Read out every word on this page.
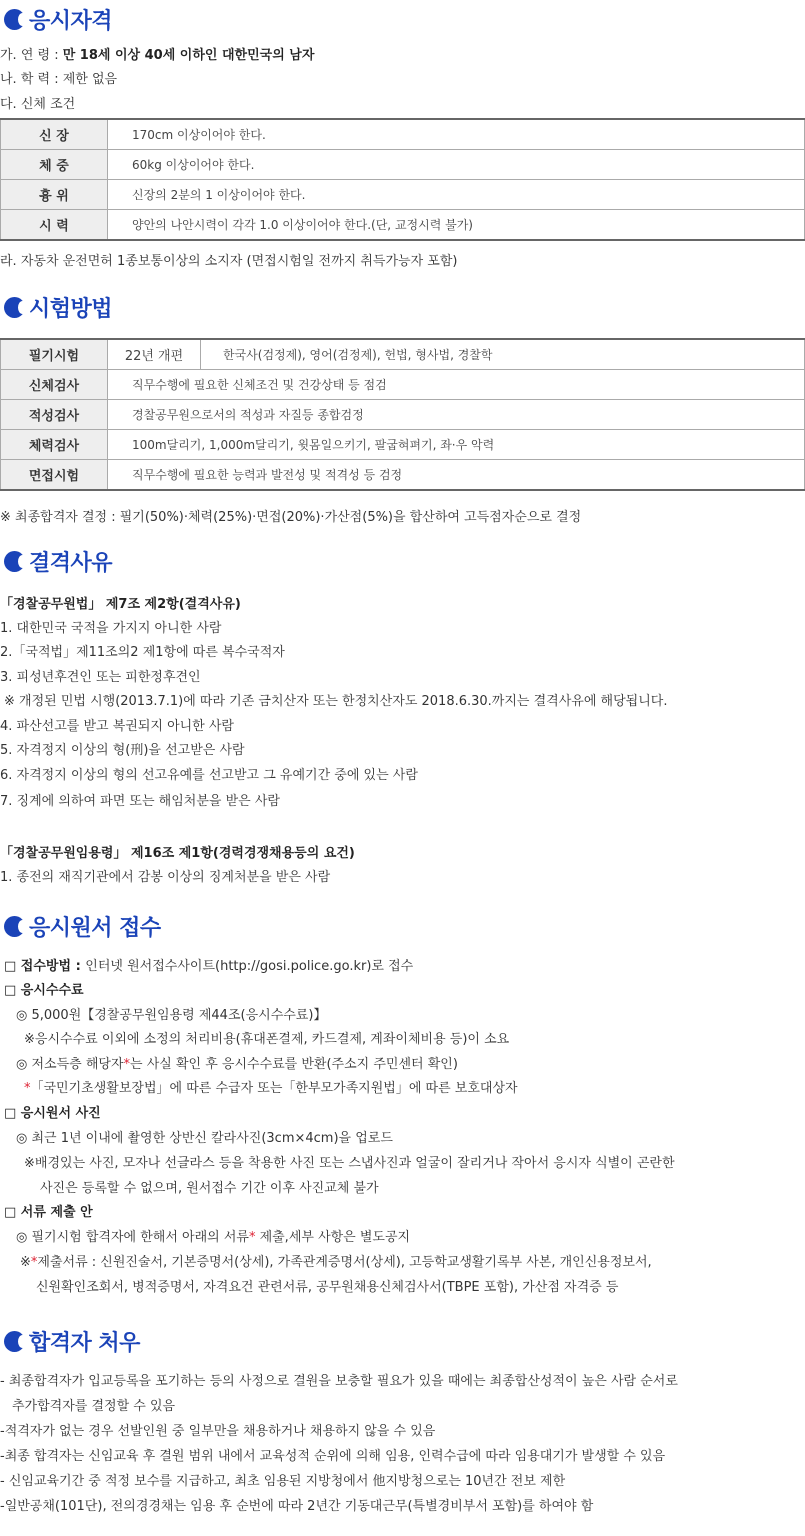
응시자격
가. 연 령 : 만 18세 이상 40세 이하인 대한민국의 남자
나. 학 력 : 제한 없음
다. 신체 조건
신 장	170cm 이상이어야 한다.
체 중	60kg 이상이어야 한다.
흉 위	신장의 2분의 1 이상이어야 한다.
시 력	양안의 나안시력이 각각 1.0 이상이어야 한다.(단, 교정시력 불가)
라. 자동차 운전면허 1종보통이상의 소지자 (면접시험일 전까지 취득가능자 포함)
시험방법
필기시험	22년 개편	한국사(검정제), 영어(검정제), 헌법, 형사법, 경찰학
신체검사	직무수행에 필요한 신체조건 및 건강상태 등 점검	
적성검사	경찰공무원으로서의 적성과 자질등 종합검정	
체력검사	100m달리기, 1,000m달리기, 윗몸일으키기, 팔굽혀펴기, 좌·우 악력	
면접시험	직무수행에 필요한 능력과 발전성 및 적격성 등 검정	
※ 최종합격자 결정 : 필기(50%)·체력(25%)·면접(20%)·가산점(5%)을 합산하여 고득점자순으로 결정
결격사유
「경찰공무원법」 제7조 제2항(결격사유)
1. 대한민국 국적을 가지지 아니한 사람
2.「국적법」제11조의2 제1항에 따른 복수국적자
3. 피성년후견인 또는 피한정후견인
※ 개정된 민법 시행(2013.7.1)에 따라 기존 금치산자 또는 한정치산자도 2018.6.30.까지는 결격사유에 해당됩니다.
4. 파산선고를 받고 복권되지 아니한 사람
5. 자격정지 이상의 형(刑)을 선고받은 사람
6. 자격정지 이상의 형의 선고유예를 선고받고 그 유예기간 중에 있는 사람
7. 징계에 의하여 파면 또는 해임처분을 받은 사람
「경찰공무원임용령」 제16조 제1항(경력경쟁채용등의 요건)
1. 종전의 재직기관에서 감봉 이상의 징계처분을 받은 사람
응시원서 접수
□ 접수방법 : 인터넷 원서접수사이트(http://gosi.police.go.kr)로 접수
□ 응시수수료
◎ 5,000원【경찰공무원임용령 제44조(응시수수료)】
※응시수수료 이외에 소정의 처리비용(휴대폰결제, 카드결제, 계좌이체비용 등)이 소요
◎ 저소득층 해당자*는 사실 확인 후 응시수수료를 반환(주소지 주민센터 확인)
*「국민기초생활보장법」에 따른 수급자 또는「한부모가족지원법」에 따른 보호대상자
□ 응시원서 사진
◎ 최근 1년 이내에 촬영한 상반신 칼라사진(3cm×4cm)을 업로드
※배경있는 사진, 모자나 선글라스 등을 착용한 사진 또는 스냅사진과 얼굴이 잘리거나 작아서 응시자 식별이 곤란한
사진은 등록할 수 없으며, 원서접수 기간 이후 사진교체 불가
□ 서류 제출 안
◎ 필기시험 합격자에 한해서 아래의 서류* 제출,세부 사항은 별도공지
※*제출서류 : 신원진술서, 기본증명서(상세), 가족관계증명서(상세), 고등학교생활기록부 사본, 개인신용정보서,
신원확인조회서, 병적증명서, 자격요건 관련서류, 공무원채용신체검사서(TBPE 포함), 가산점 자격증 등
합격자 처우
- 최종합격자가 입교등록을 포기하는 등의 사정으로 결원을 보충할 필요가 있을 때에는 최종합산성적이 높은 사람 순서로
추가합격자를 결정할 수 있음
-적격자가 없는 경우 선발인원 중 일부만을 채용하거나 채용하지 않을 수 있음
-최종 합격자는 신임교육 후 결원 범위 내에서 교육성적 순위에 의해 임용, 인력수급에 따라 임용대기가 발생할 수 있음
- 신임교육기간 중 적정 보수를 지급하고, 최초 임용된 지방청에서 他지방청으로는 10년간 전보 제한
-일반공채(101단), 전의경경채는 임용 후 순번에 따라 2년간 기동대근무(특별경비부서 포함)를 하여야 함
